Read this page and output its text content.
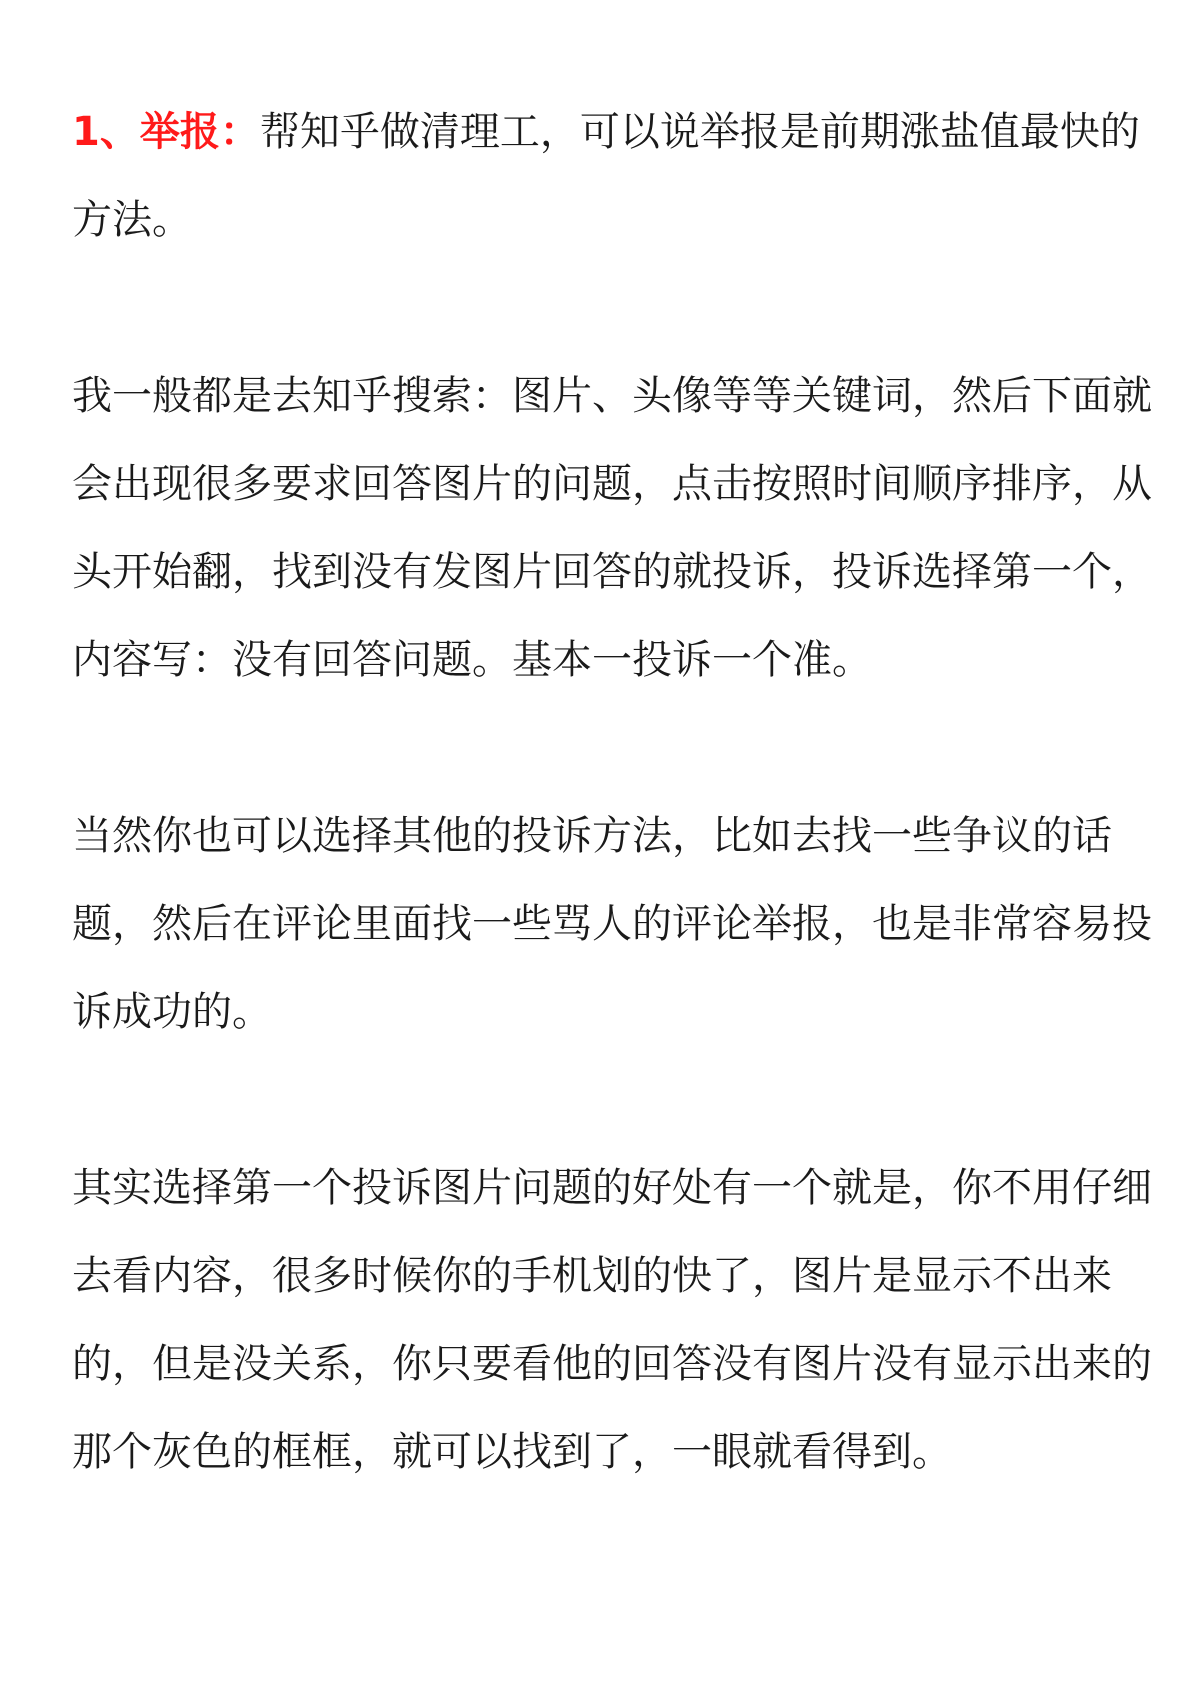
1、举报：帮知乎做清理工，可以说举报是前期涨盐值最快的方法。

我一般都是去知乎搜索：图片、头像等等关键词，然后下面就会出现很多要求回答图片的问题，点击按照时间顺序排序，从头开始翻，找到没有发图片回答的就投诉，投诉选择第一个，内容写：没有回答问题。基本一投诉一个准。

当然你也可以选择其他的投诉方法，比如去找一些争议的话题，然后在评论里面找一些骂人的评论举报，也是非常容易投诉成功的。

其实选择第一个投诉图片问题的好处有一个就是，你不用仔细去看内容，很多时候你的手机划的快了，图片是显示不出来的，但是没关系，你只要看他的回答没有图片没有显示出来的那个灰色的框框，就可以找到了，一眼就看得到。
